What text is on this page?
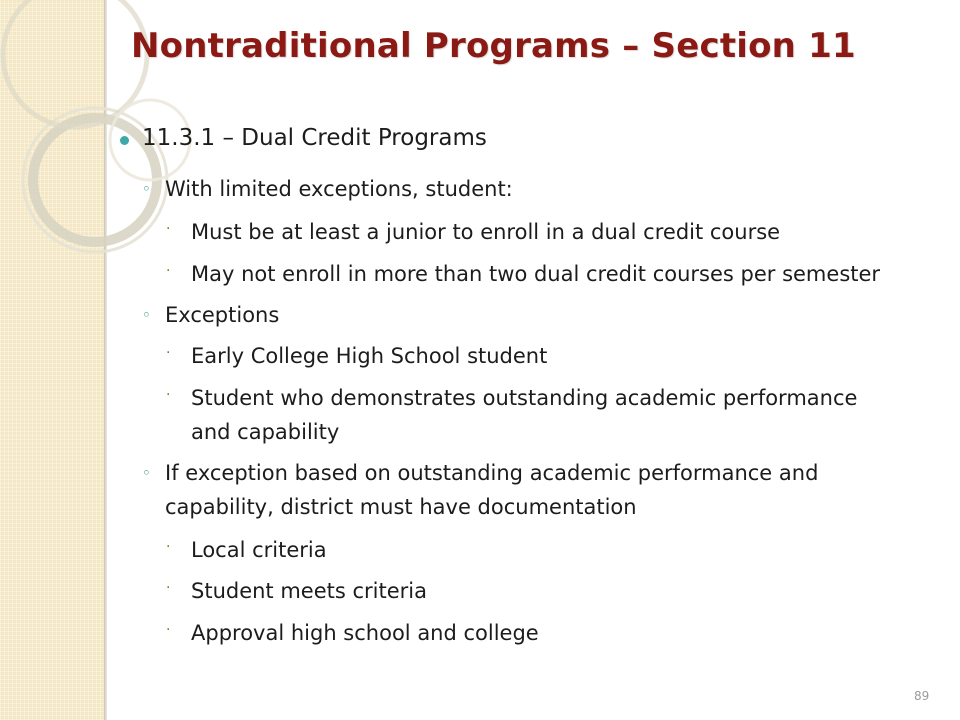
Nontraditional Programs – Section 11
11.3.1 – Dual Credit Programs
◦ With limited exceptions, student:
⋅ Must be at least a junior to enroll in a dual credit course
⋅ May not enroll in more than two dual credit courses per semester
◦ Exceptions
⋅ Early College High School student
⋅ Student who demonstrates outstanding academic performance
and capability
◦ If exception based on outstanding academic performance and
capability, district must have documentation
⋅ Local criteria
⋅ Student meets criteria
⋅ Approval high school and college
89
